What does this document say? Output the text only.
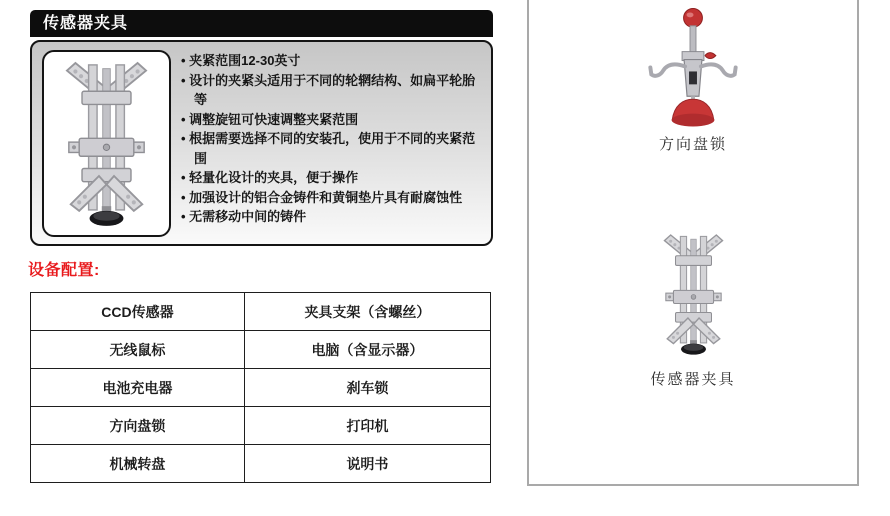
传感器夹具
• 夹紧范围12-30英寸
• 设计的夹紧头适用于不同的轮辋结构、如扁平轮胎等
• 调整旋钮可快速调整夹紧范围
• 根据需要选择不同的安装孔，使用于不同的夹紧范围
• 轻量化设计的夹具，便于操作
• 加强设计的铝合金铸件和黄铜垫片具有耐腐蚀性
• 无需移动中间的铸件
设备配置:
CCD传感器	夹具支架（含螺丝）
无线鼠标	电脑（含显示器）
电池充电器	刹车锁
方向盘锁	打印机
机械转盘	说明书
方向盘锁
传感器夹具
